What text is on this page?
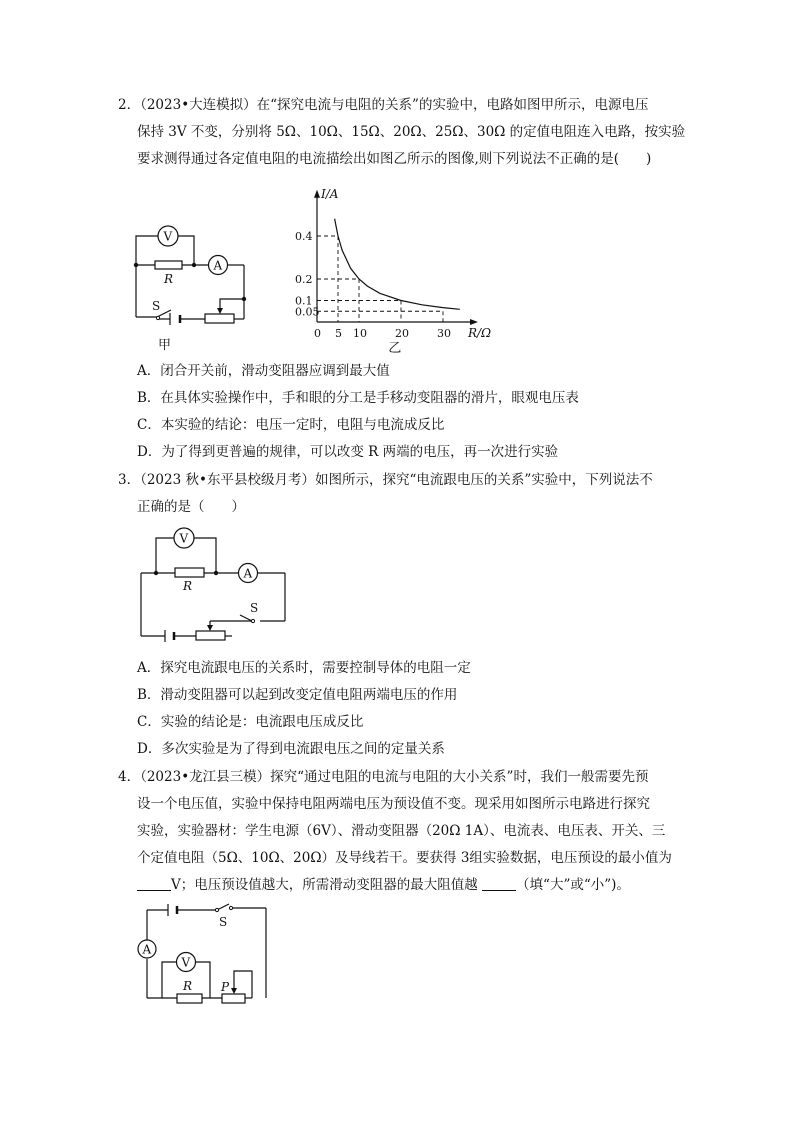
2．（2023•大连模拟）在“探究电流与电阻的关系”的实验中，电路如图甲所示，电源电压
保持 3V 不变，分别将 5Ω、10Ω、15Ω、20Ω、25Ω、30Ω 的定值电阻连入电路，按实验
要求测得通过各定值电阻的电流描绘出如图乙所示的图像,则下列说法不正确的是(　　)
S
R
V
A
甲
I/A
R/Ω
0 5 10	20	30
0.4
0.2
0.1
0.05
乙
A．闭合开关前，滑动变阻器应调到最大值
B．在具体实验操作中，手和眼的分工是手移动变阻器的滑片，眼观电压表
C．本实验的结论：电压一定时，电阻与电流成反比
D．为了得到更普遍的规律，可以改变 R 两端的电压，再一次进行实验
3．（2023 秋•东平县校级月考）如图所示，探究“电流跟电压的关系”实验中，下列说法不
正确的是（　　）
S
R
V
A
A．探究电流跟电压的关系时，需要控制导体的电阻一定
B．滑动变阻器可以起到改变定值电阻两端电压的作用
C．实验的结论是：电流跟电压成反比
D．多次实验是为了得到电流跟电压之间的定量关系
4．（2023•龙江县三模）探究“通过电阻的电流与电阻的大小关系”时，我们一般需要先预
设一个电压值，实验中保持电阻两端电压为预设值不变。现采用如图所示电路进行探究
实验，实验器材：学生电源（6V）、滑动变阻器（20Ω 1A）、电流表、电压表、开关、三
个定值电阻（5Ω、10Ω、20Ω）及导线若干。要获得 3组实验数据，电压预设的最小值为
V；电压预设值越大，所需滑动变阻器的最大阻值越	（填“大”或“小”)。
S
A
V
R P
